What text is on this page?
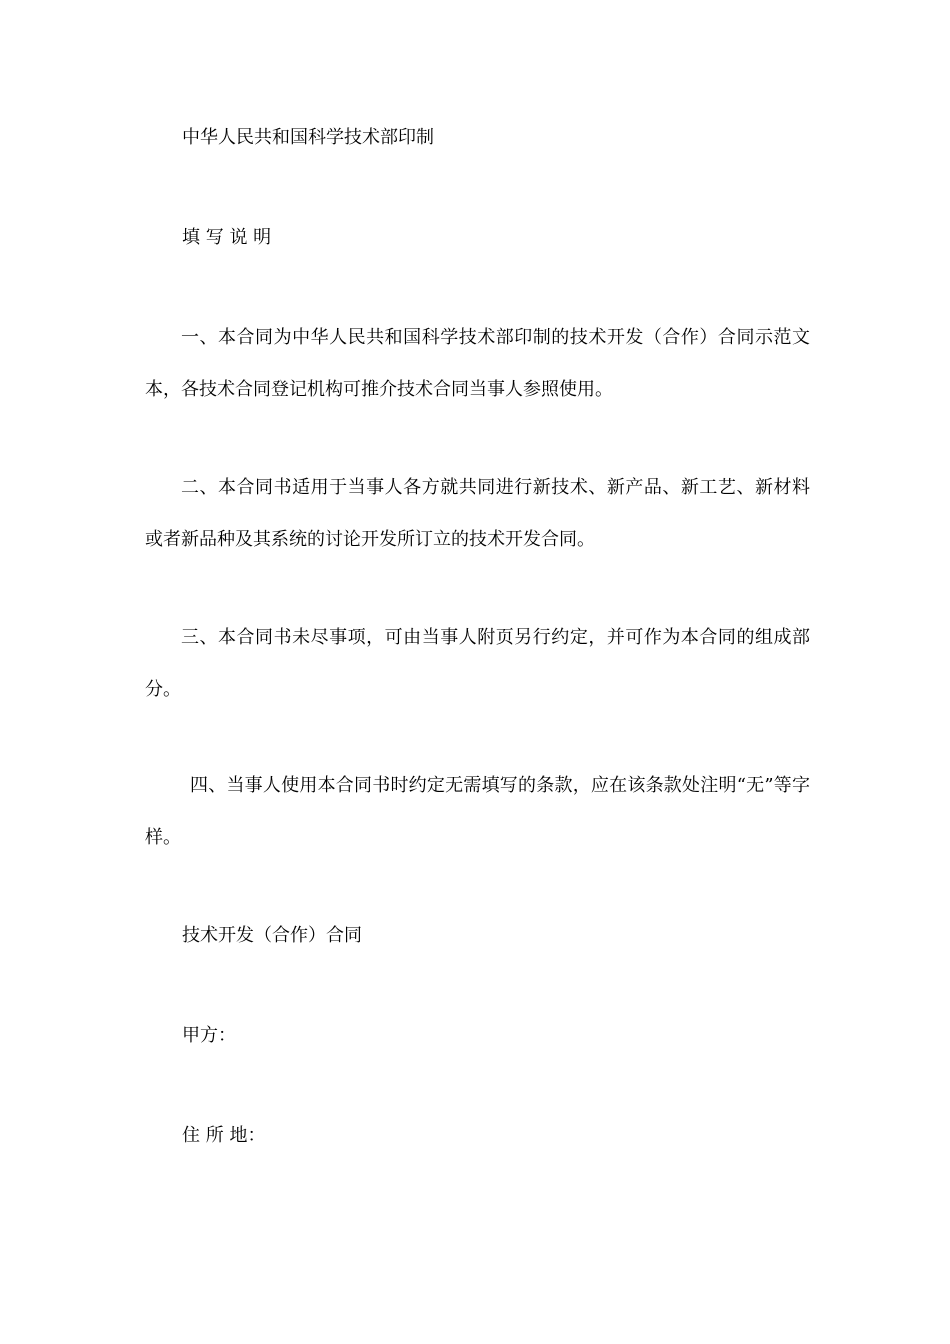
中华人民共和国科学技术部印制

填 写 说 明

一、本合同为中华人民共和国科学技术部印制的技术开发（合作）合同示范文本，各技术合同登记机构可推介技术合同当事人参照使用。

二、本合同书适用于当事人各方就共同进行新技术、新产品、新工艺、新材料或者新品种及其系统的讨论开发所订立的技术开发合同。

三、本合同书未尽事项，可由当事人附页另行约定，并可作为本合同的组成部分。

四、当事人使用本合同书时约定无需填写的条款，应在该条款处注明“无”等字样。

技术开发（合作）合同

甲方：

住 所 地：
